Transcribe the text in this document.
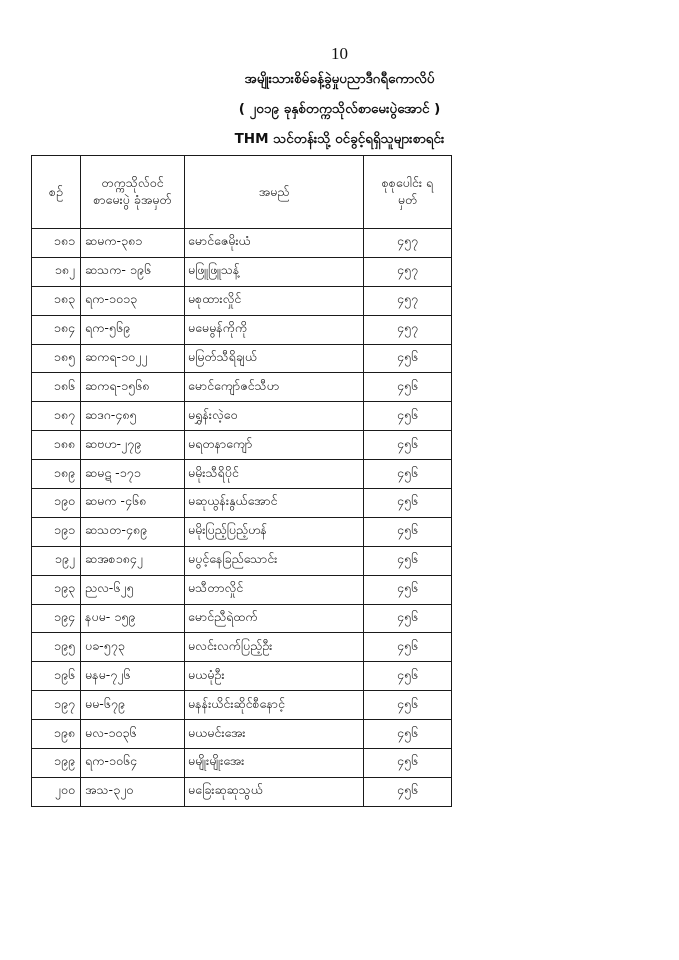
10
အမျိုးသားစိမ်ခန့်ခွဲမှုပညာဒီဂရီကောလိပ်
( ၂၀၁၉ ခုနှစ်တက္ကသိုလ်စာမေးပွဲအောင် )
THM သင်တန်းသို့ ဝင်ခွင့်ရရှိသူများစာရင်း
စဉ်	တက္ကသိုလ်ဝင် စာမေးပွဲ ခုံအမှတ်	အမည်	စုစုပေါင်း ရမှတ်
၁၈၁	ဆမက-၃၈၁	မောင်ဇေမိုးယံ	၄၅၇
၁၈၂	ဆသက- ၁၉၆	မဖြူဖြူသန့်	၄၅၇
၁၈၃	ရက-၁၀၁၃	မစုထားလှိုင်	၄၅၇
၁၈၄	ရက-၅၆၉	မမေမွန်ကိုကို	၄၅၇
၁၈၅	ဆကရ-၁၀၂၂	မမြတ်သီရိချယ်	၄၅၆
၁၈၆	ဆကရ-၁၅၆၈	မောင်ကျော်ဇင်သီဟ	၄၅၆
၁၈၇	ဆဒဂ-၄၈၅	မရွှန်းလဲ့ဝေ	၄၅၆
၁၈၈	ဆဗဟ-၂၇၉	မရတနာကျော်	၄၅၆
၁၈၉	ဆမဋ -၁၇၁	မမိုးသီရိပိုင်	၄၅၆
၁၉၀	ဆမက -၄၆၈	မဆုယွန်းနွယ်အောင်	၄၅၆
၁၉၁	ဆသတ-၄၈၉	မမိုးပြည့်ပြည့်ဟန်	၄၅၆
၁၉၂	ဆအစ၁၈၄၂	မပွင့်နေခြည်သောင်း	၄၅၆
၁၉၃	ညလ-၆၂၅	မသီတာလှိုင်	၄၅၆
၁၉၄	နပမ- ၁၅၉	မောင်ညီရဲထက်	၄၅၆
၁၉၅	ပခ-၅၇၃	မလင်းလက်ပြည့်ဦး	၄၅၆
၁၉၆	မနမ-၇၂၆	မယမုံဦး	၄၅၆
၁၉၇	မမ-၆၇၉	မနန်းယိင်းဆိုင်စီနောင့်	၄၅၆
၁၉၈	မလ-၁၀၃၆	မယမင်းအေး	၄၅၆
၁၉၉	ရက-၁၀၆၄	မမျိုးမျိုးအေး	၄၅၆
၂၀၀	အသ-၃၂၀	မခြေးဆုဆုသွယ်	၄၅၆
